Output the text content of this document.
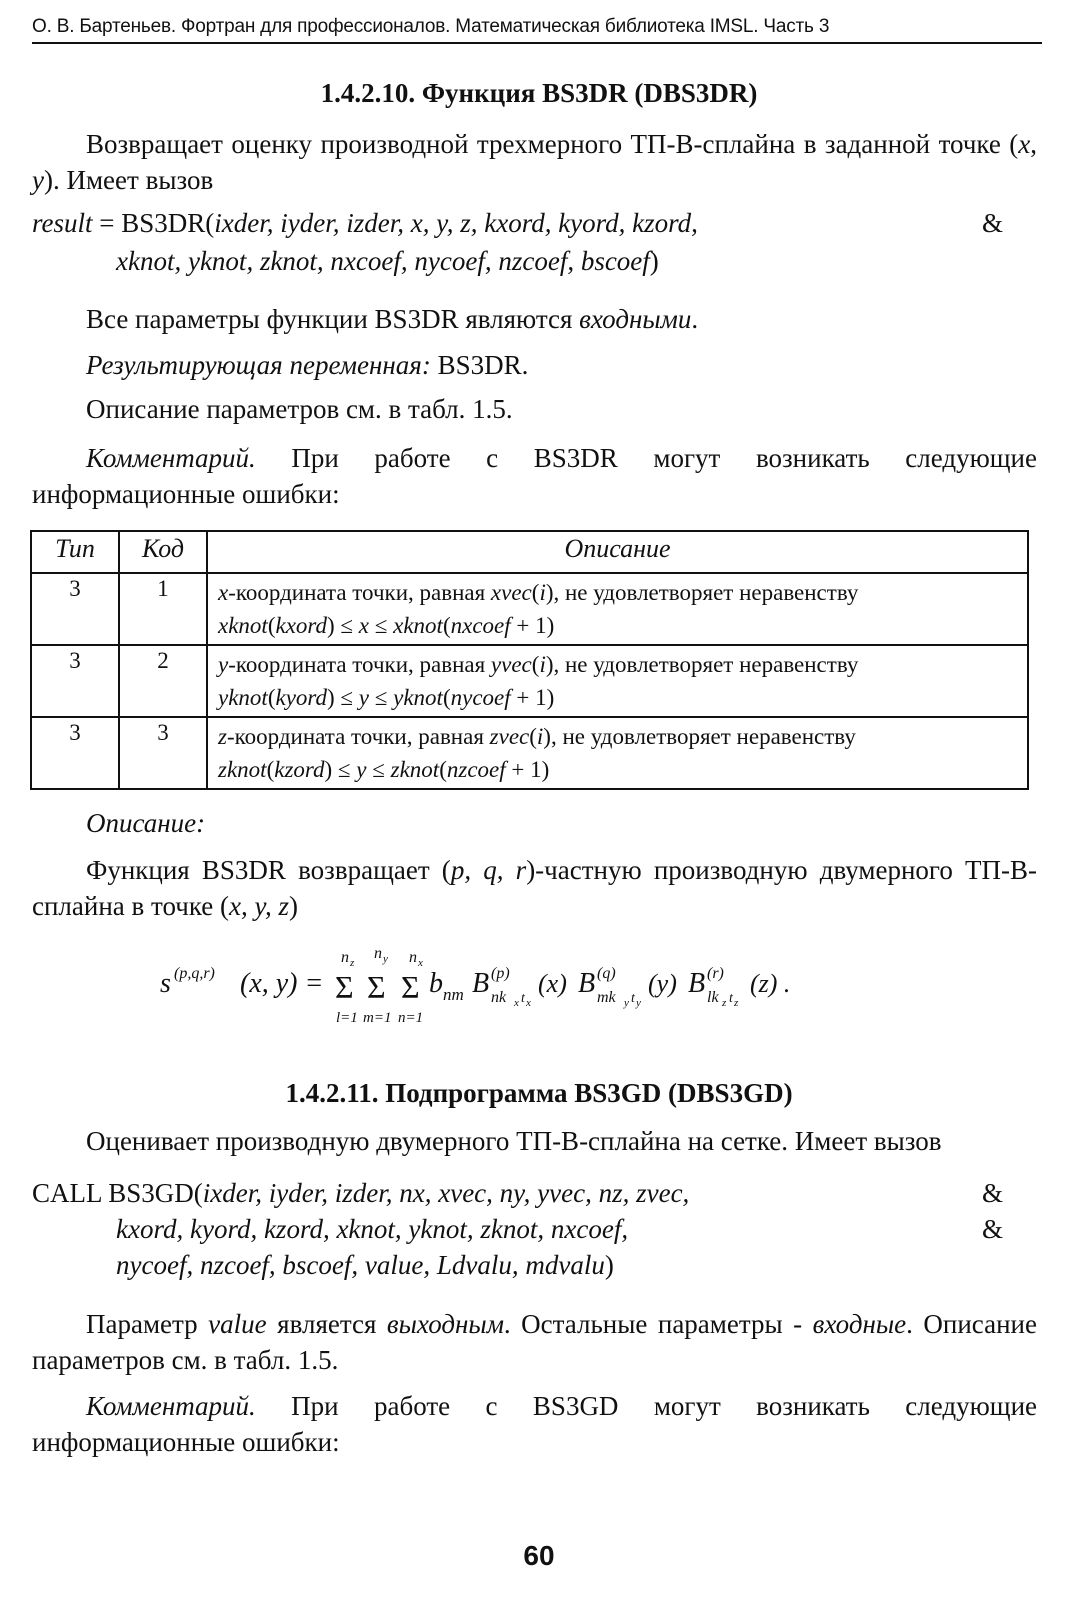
О. В. Бартеньев. Фортран для профессионалов. Математическая библиотека IMSL. Часть 3
1.4.2.10. Функция BS3DR (DBS3DR)
Возвращает оценку производной трехмерного ТП-В-сплайна в заданной точке (x, y). Имеет вызов
result = BS3DR(ixder, iyder, izder, x, y, z, kxord, kyord, kzord,	&
xknot, yknot, zknot, nxcoef, nycoef, nzcoef, bscoef)
Все параметры функции BS3DR являются входными.
Результирующая переменная: BS3DR.
Описание параметров см. в табл. 1.5.
Комментарий. При работе с BS3DR могут возникать следующие информационные ошибки:
Тип	Код	Описание
3	1	x-координата точки, равная xvec(i), не удовлетворяет неравенству
xknot(kxord) ≤ x ≤ xknot(nxcoef + 1)
3	2	y-координата точки, равная yvec(i), не удовлетворяет неравенству
yknot(kyord) ≤ y ≤ yknot(nycoef + 1)
3	3	z-координата точки, равная zvec(i), не удовлетворяет неравенству
zknot(kzord) ≤ y ≤ zknot(nzcoef + 1)
Описание:
Функция BS3DR возвращает (p, q, r)-частную производную двумерного ТП-В-сплайна в точке (x, y, z)
s (p,q,r) (x, y) =
n z
Σ
l=1
n y
Σ
m=1
n x
Σ
n=1
b nm B (p)
nk x t x
(x) B (q)
mk y t y
(y) B (r)
lk z t z
(z) .
1.4.2.11. Подпрограмма BS3GD (DBS3GD)
Оценивает производную двумерного ТП-В-сплайна на сетке. Имеет вызов
CALL BS3GD(ixder, iyder, izder, nx, xvec, ny, yvec, nz, zvec,	&
kxord, kyord, kzord, xknot, yknot, zknot, nxcoef,	&
nycoef, nzcoef, bscoef, value, Ldvalu, mdvalu)
Параметр value является выходным. Остальные параметры - входные. Описание параметров см. в табл. 1.5.
Комментарий. При работе с BS3GD могут возникать следующие информационные ошибки:
60
